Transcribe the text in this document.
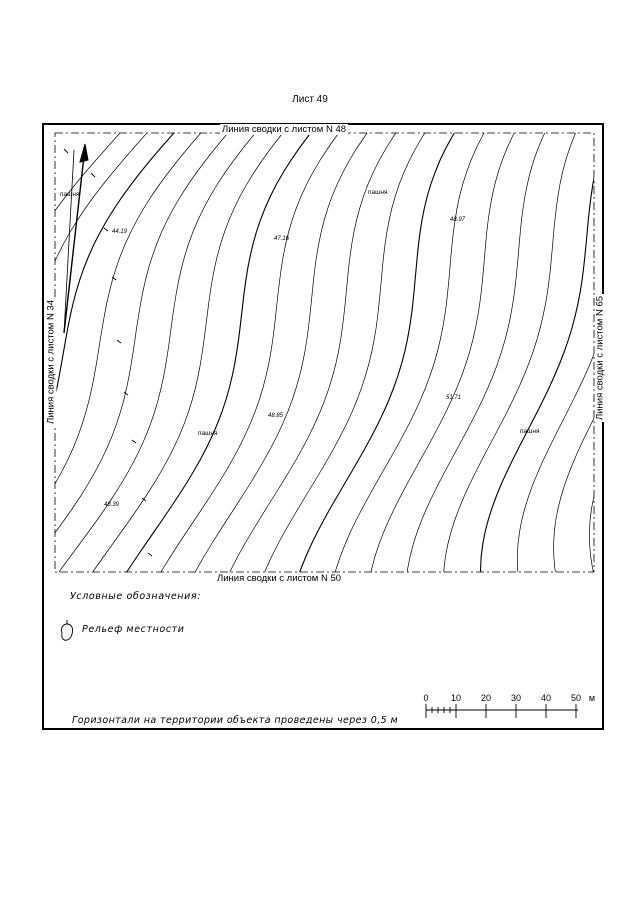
Лист 49
Линия сводки с листом N 48
Линия сводки с листом N 50
Линия сводки с листом N 34	Линия сводки с листом N 65
пашня	пашня
пашня	пашня
44.19
47.16
48.97
48.85
51.71
48.39
Условные обозначения:
Рельеф местности
Горизонтали на территории объекта проведены через 0,5 м
0	10	20	30	40	50 м
